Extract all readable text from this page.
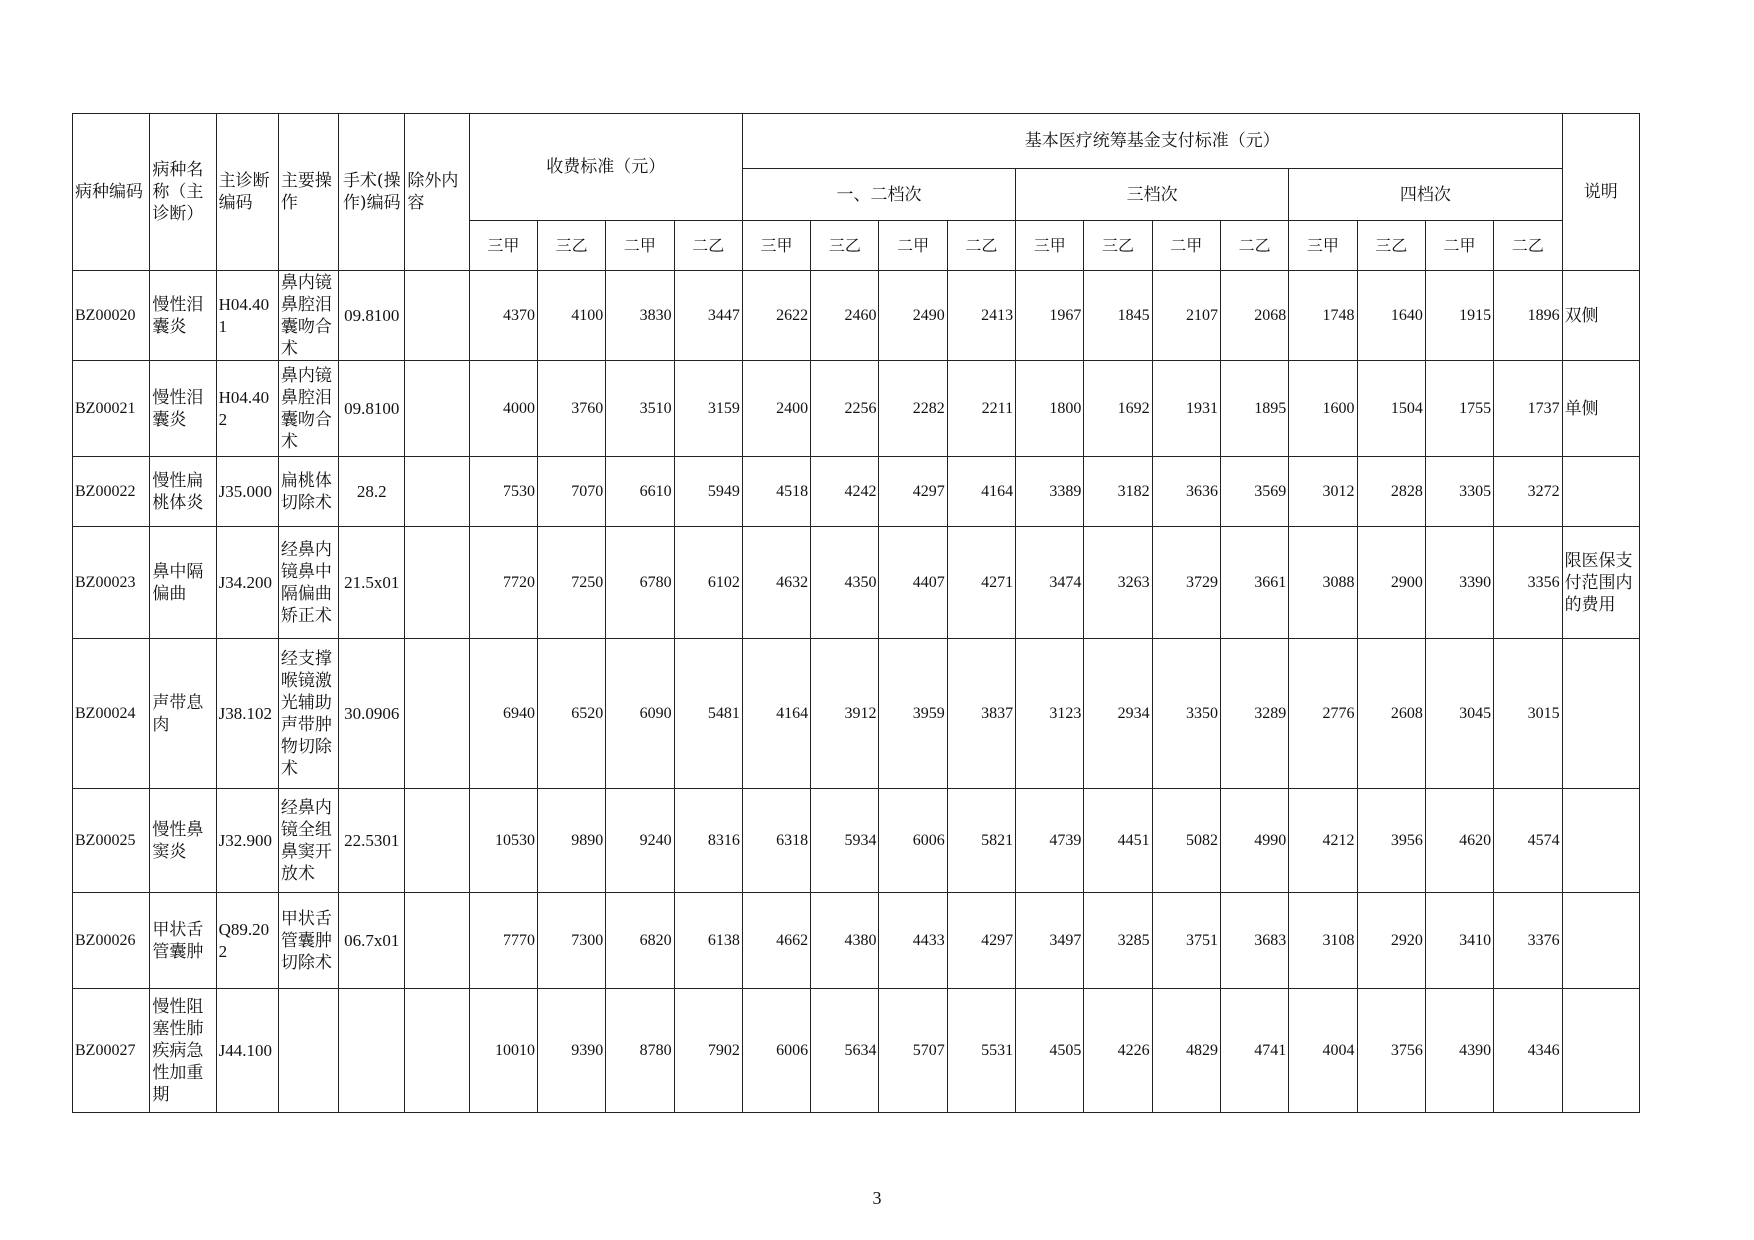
病种编码	病种名称（主诊断）	主诊断编码	主要操作	手术(操作)编码	除外内容	收费标准（元）				基本医疗统筹基金支付标准（元）												说明
										一、二档次				三档次				四档次				
						三甲	三乙	二甲	二乙	三甲	三乙	二甲	二乙	三甲	三乙	二甲	二乙	三甲	三乙	二甲	二乙	
BZ00020	慢性泪囊炎	H04.401	鼻内镜鼻腔泪囊吻合术	09.8100		4370	4100	3830	3447	2622	2460	2490	2413	1967	1845	2107	2068	1748	1640	1915	1896	双侧
BZ00021	慢性泪囊炎	H04.402	鼻内镜鼻腔泪囊吻合术	09.8100		4000	3760	3510	3159	2400	2256	2282	2211	1800	1692	1931	1895	1600	1504	1755	1737	单侧
BZ00022	慢性扁桃体炎	J35.000	扁桃体切除术	28.2		7530	7070	6610	5949	4518	4242	4297	4164	3389	3182	3636	3569	3012	2828	3305	3272	
BZ00023	鼻中隔偏曲	J34.200	经鼻内镜鼻中隔偏曲矫正术	21.5x01		7720	7250	6780	6102	4632	4350	4407	4271	3474	3263	3729	3661	3088	2900	3390	3356	限医保支付范围内的费用
BZ00024	声带息肉	J38.102	经支撑喉镜激光辅助声带肿物切除术	30.0906		6940	6520	6090	5481	4164	3912	3959	3837	3123	2934	3350	3289	2776	2608	3045	3015	
BZ00025	慢性鼻窦炎	J32.900	经鼻内镜全组鼻窦开放术	22.5301		10530	9890	9240	8316	6318	5934	6006	5821	4739	4451	5082	4990	4212	3956	4620	4574	
BZ00026	甲状舌管囊肿	Q89.202	甲状舌管囊肿切除术	06.7x01		7770	7300	6820	6138	4662	4380	4433	4297	3497	3285	3751	3683	3108	2920	3410	3376	
BZ00027	慢性阻塞性肺疾病急性加重期	J44.100				10010	9390	8780	7902	6006	5634	5707	5531	4505	4226	4829	4741	4004	3756	4390	4346	
3
